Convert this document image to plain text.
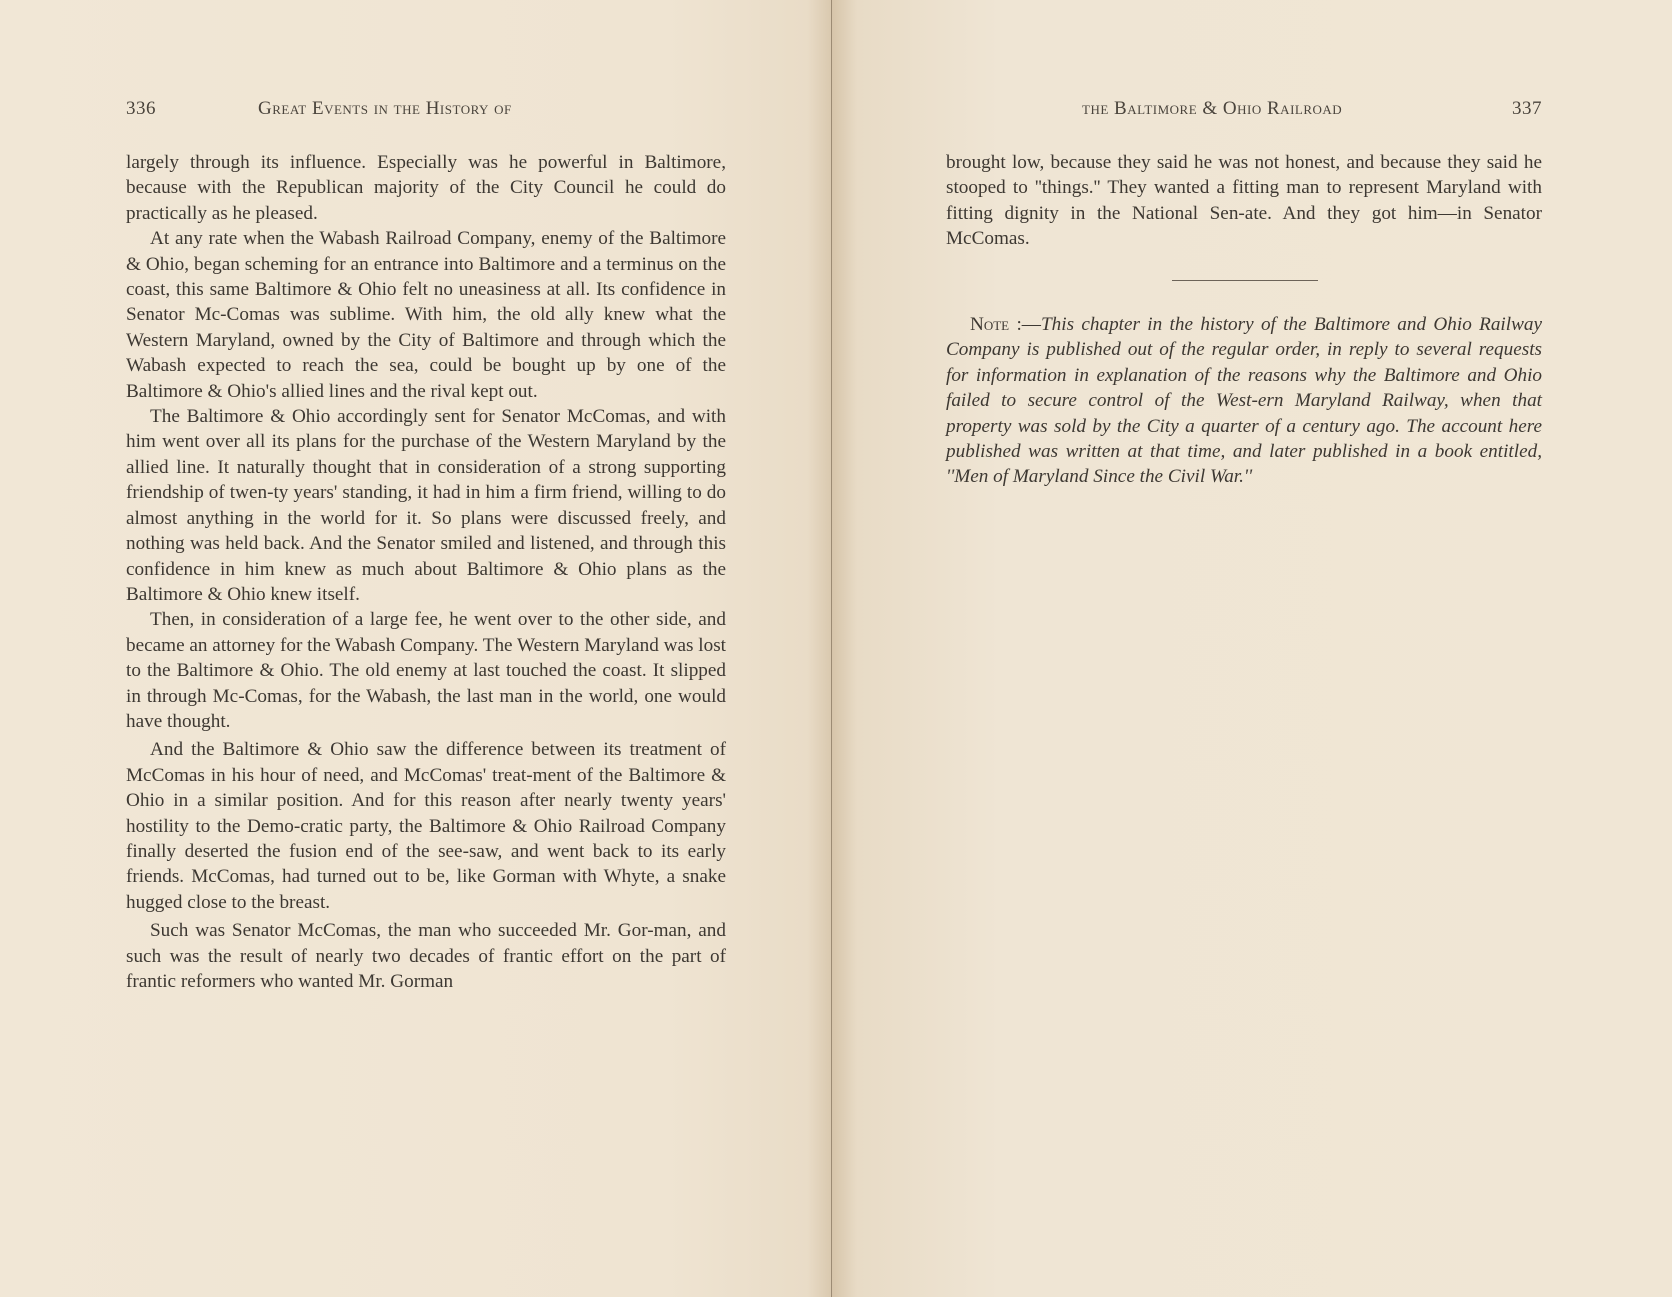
336	Great Events in the History of

largely through its influence. Especially was he powerful in Baltimore, because with the Republican majority of the City Council he could do practically as he pleased.

At any rate when the Wabash Railroad Company, enemy of the Baltimore & Ohio, began scheming for an entrance into Baltimore and a terminus on the coast, this same Baltimore & Ohio felt no uneasiness at all. Its confidence in Senator Mc-Comas was sublime. With him, the old ally knew what the Western Maryland, owned by the City of Baltimore and through which the Wabash expected to reach the sea, could be bought up by one of the Baltimore & Ohio's allied lines and the rival kept out.

The Baltimore & Ohio accordingly sent for Senator McComas, and with him went over all its plans for the purchase of the Western Maryland by the allied line. It naturally thought that in consideration of a strong supporting friendship of twen-ty years' standing, it had in him a firm friend, willing to do almost anything in the world for it. So plans were discussed freely, and nothing was held back. And the Senator smiled and listened, and through this confidence in him knew as much about Baltimore & Ohio plans as the Baltimore & Ohio knew itself.

Then, in consideration of a large fee, he went over to the other side, and became an attorney for the Wabash Company. The Western Maryland was lost to the Baltimore & Ohio. The old enemy at last touched the coast. It slipped in through Mc-Comas, for the Wabash, the last man in the world, one would have thought.

And the Baltimore & Ohio saw the difference between its treatment of McComas in his hour of need, and McComas' treat-ment of the Baltimore & Ohio in a similar position. And for this reason after nearly twenty years' hostility to the Demo-cratic party, the Baltimore & Ohio Railroad Company finally deserted the fusion end of the see-saw, and went back to its early friends. McComas, had turned out to be, like Gorman with Whyte, a snake hugged close to the breast.

Such was Senator McComas, the man who succeeded Mr. Gor-man, and such was the result of nearly two decades of frantic effort on the part of frantic reformers who wanted Mr. Gorman

the Baltimore & Ohio Railroad	337

brought low, because they said he was not honest, and because they said he stooped to ''things.'' They wanted a fitting man to represent Maryland with fitting dignity in the National Sen-ate. And they got him—in Senator McComas.

Note :—This chapter in the history of the Baltimore and Ohio Railway Company is published out of the regular order, in reply to several requests for information in explanation of the reasons why the Baltimore and Ohio failed to secure control of the West-ern Maryland Railway, when that property was sold by the City a quarter of a century ago. The account here published was written at that time, and later published in a book entitled, ''Men of Maryland Since the Civil War.''
